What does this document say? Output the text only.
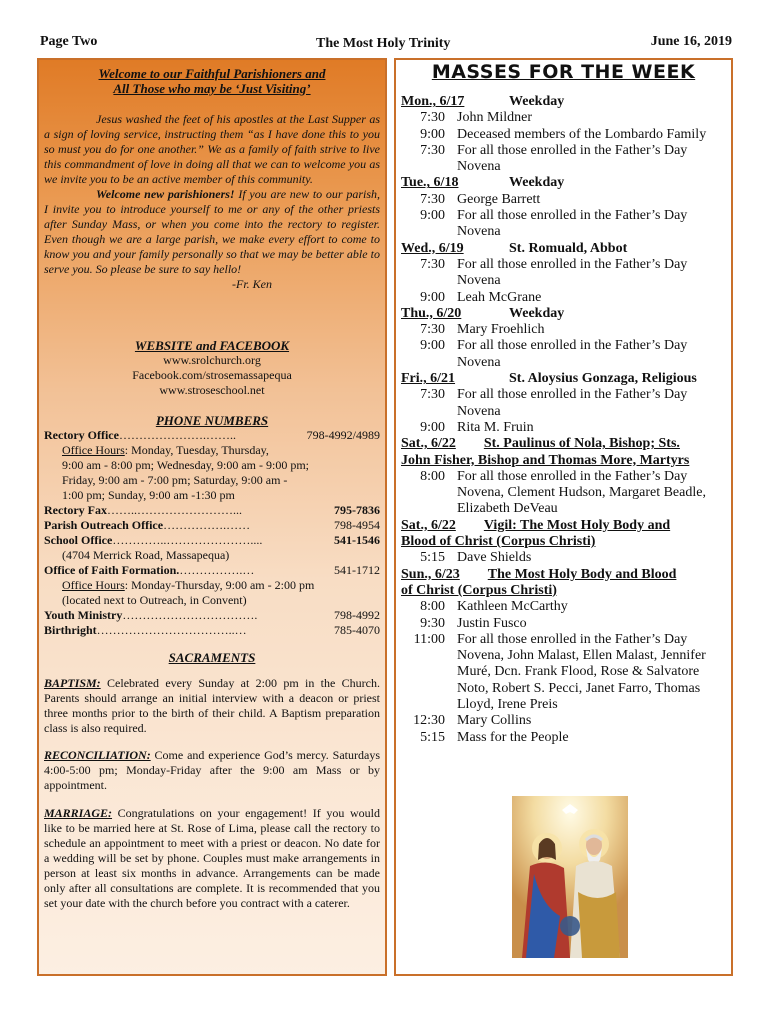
Page Two	The Most Holy Trinity	June 16, 2019
Welcome to our Faithful Parishioners and
All Those who may be ‘Just Visiting’

Jesus washed the feet of his apostles at the Last Supper as a sign of loving service, instructing them “as I have done this to you so must you do for one another.” We as a family of faith strive to live this commandment of love in doing all that we can to welcome you as we invite you to be an active member of this community.

Welcome new parishioners! If you are new to our parish, I invite you to introduce yourself to me or any of the other priests after Sunday Mass, or when you come into the rectory to register. Even though we are a large parish, we make every effort to come to know you and your family personally so that we may be better able to serve you. So please be sure to say hello!

-Fr. Ken
WEBSITE and FACEBOOK
www.srolchurch.org
Facebook.com/strosemassapequa
www.stroseschool.net
PHONE NUMBERS
Rectory Office………………….……..	798-4992/4989
Office Hours: Monday, Tuesday, Thursday,
9:00 am - 8:00 pm; Wednesday, 9:00 am - 9:00 pm;
Friday, 9:00 am - 7:00 pm; Saturday, 9:00 am -
1:00 pm; Sunday, 9:00 am -1:30 pm
Rectory Fax……..……………………...	795-7836
Parish Outreach Office…………….……	798-4954
School Office…………..…………………....	541-1546
(4704 Merrick Road, Massapequa)
Office of Faith Formation.…………….…	541-1712
Office Hours: Monday-Thursday, 9:00 am - 2:00 pm
(located next to Outreach, in Convent)
Youth Ministry…………………………….	798-4992
Birthright……………………………..…	785-4070
SACRAMENTS

BAPTISM: Celebrated every Sunday at 2:00 pm in the Church. Parents should arrange an initial interview with a deacon or priest three months prior to the birth of their child. A Baptism preparation class is also required.

RECONCILIATION: Come and experience God’s mercy. Saturdays 4:00-5:00 pm; Monday-Friday after the 9:00 am Mass or by appointment.

MARRIAGE: Congratulations on your engagement! If you would like to be married here at St. Rose of Lima, please call the rectory to schedule an appointment to meet with a priest or deacon. No date for a wedding will be set by phone. Couples must make arrangements in person at least six months in advance. Arrangements can be made only after all consultations are complete. It is recommended that you set your date with the church before you contract with a caterer.

MASSES FOR THE WEEK
Mon., 6/17	Weekday
7:30 John Mildner
9:00 Deceased members of the Lombardo Family
7:30 For all those enrolled in the Father’s Day Novena
Tue., 6/18	Weekday
7:30 George Barrett
9:00 For all those enrolled in the Father’s Day Novena
Wed., 6/19	St. Romuald, Abbot
7:30 For all those enrolled in the Father’s Day Novena
9:00 Leah McGrane
Thu., 6/20	Weekday
7:30 Mary Froehlich
9:00 For all those enrolled in the Father’s Day Novena
Fri., 6/21	St. Aloysius Gonzaga, Religious
7:30 For all those enrolled in the Father’s Day Novena
9:00 Rita M. Fruin
Sat., 6/22 St. Paulinus of Nola, Bishop; Sts.
John Fisher, Bishop and Thomas More, Martyrs
8:00 For all those enrolled in the Father’s Day Novena, Clement Hudson, Margaret Beadle, Elizabeth DeVeau
Sat., 6/22 Vigil: The Most Holy Body and
Blood of Christ (Corpus Christi)
5:15 Dave Shields
Sun., 6/23 The Most Holy Body and Blood
of Christ (Corpus Christi)
8:00 Kathleen McCarthy
9:30 Justin Fusco
11:00 For all those enrolled in the Father’s Day Novena, John Malast, Ellen Malast, Jennifer Muré, Dcn. Frank Flood, Rose & Salvatore Noto, Robert S. Pecci, Janet Farro, Thomas Lloyd, Irene Preis
12:30 Mary Collins
5:15 Mass for the People
